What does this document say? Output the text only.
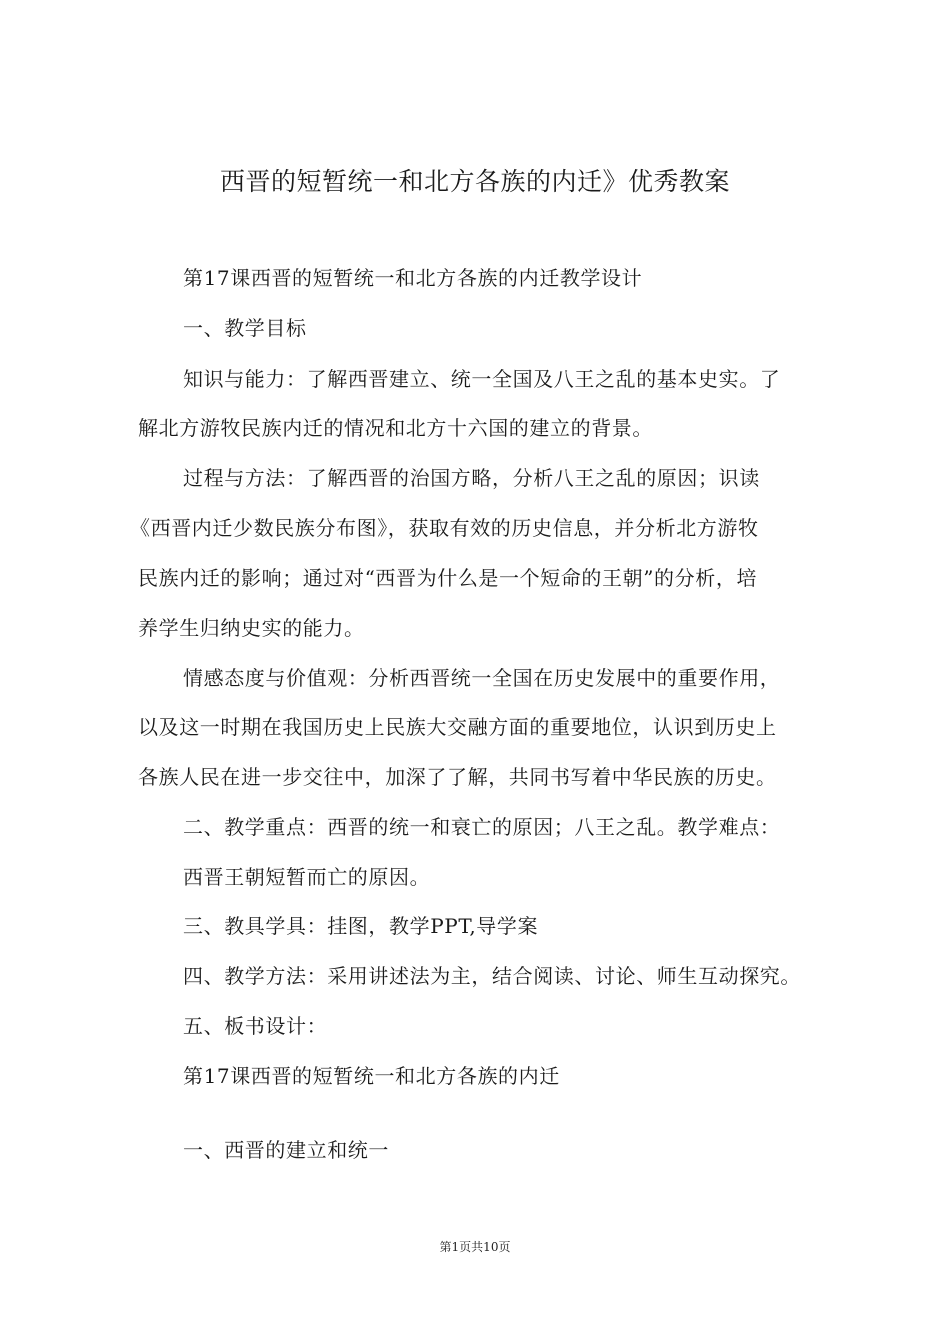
西晋的短暂统一和北方各族的内迁》优秀教案
第17课西晋的短暂统一和北方各族的内迁教学设计
一、教学目标
知识与能力：了解西晋建立、统一全国及八王之乱的基本史实。了
解北方游牧民族内迁的情况和北方十六国的建立的背景。
过程与方法：了解西晋的治国方略，分析八王之乱的原因；识读
《西晋内迁少数民族分布图》，获取有效的历史信息，并分析北方游牧
民族内迁的影响；通过对“西晋为什么是一个短命的王朝”的分析，培
养学生归纳史实的能力。
情感态度与价值观：分析西晋统一全国在历史发展中的重要作用，
以及这一时期在我国历史上民族大交融方面的重要地位，认识到历史上
各族人民在进一步交往中，加深了了解，共同书写着中华民族的历史。
二、教学重点：西晋的统一和衰亡的原因；八王之乱。教学难点：
西晋王朝短暂而亡的原因。
三、教具学具：挂图，教学PPT,导学案
四、教学方法：采用讲述法为主，结合阅读、讨论、师生互动探究。
五、板书设计：
第17课西晋的短暂统一和北方各族的内迁
一、西晋的建立和统一
第1页共10页
